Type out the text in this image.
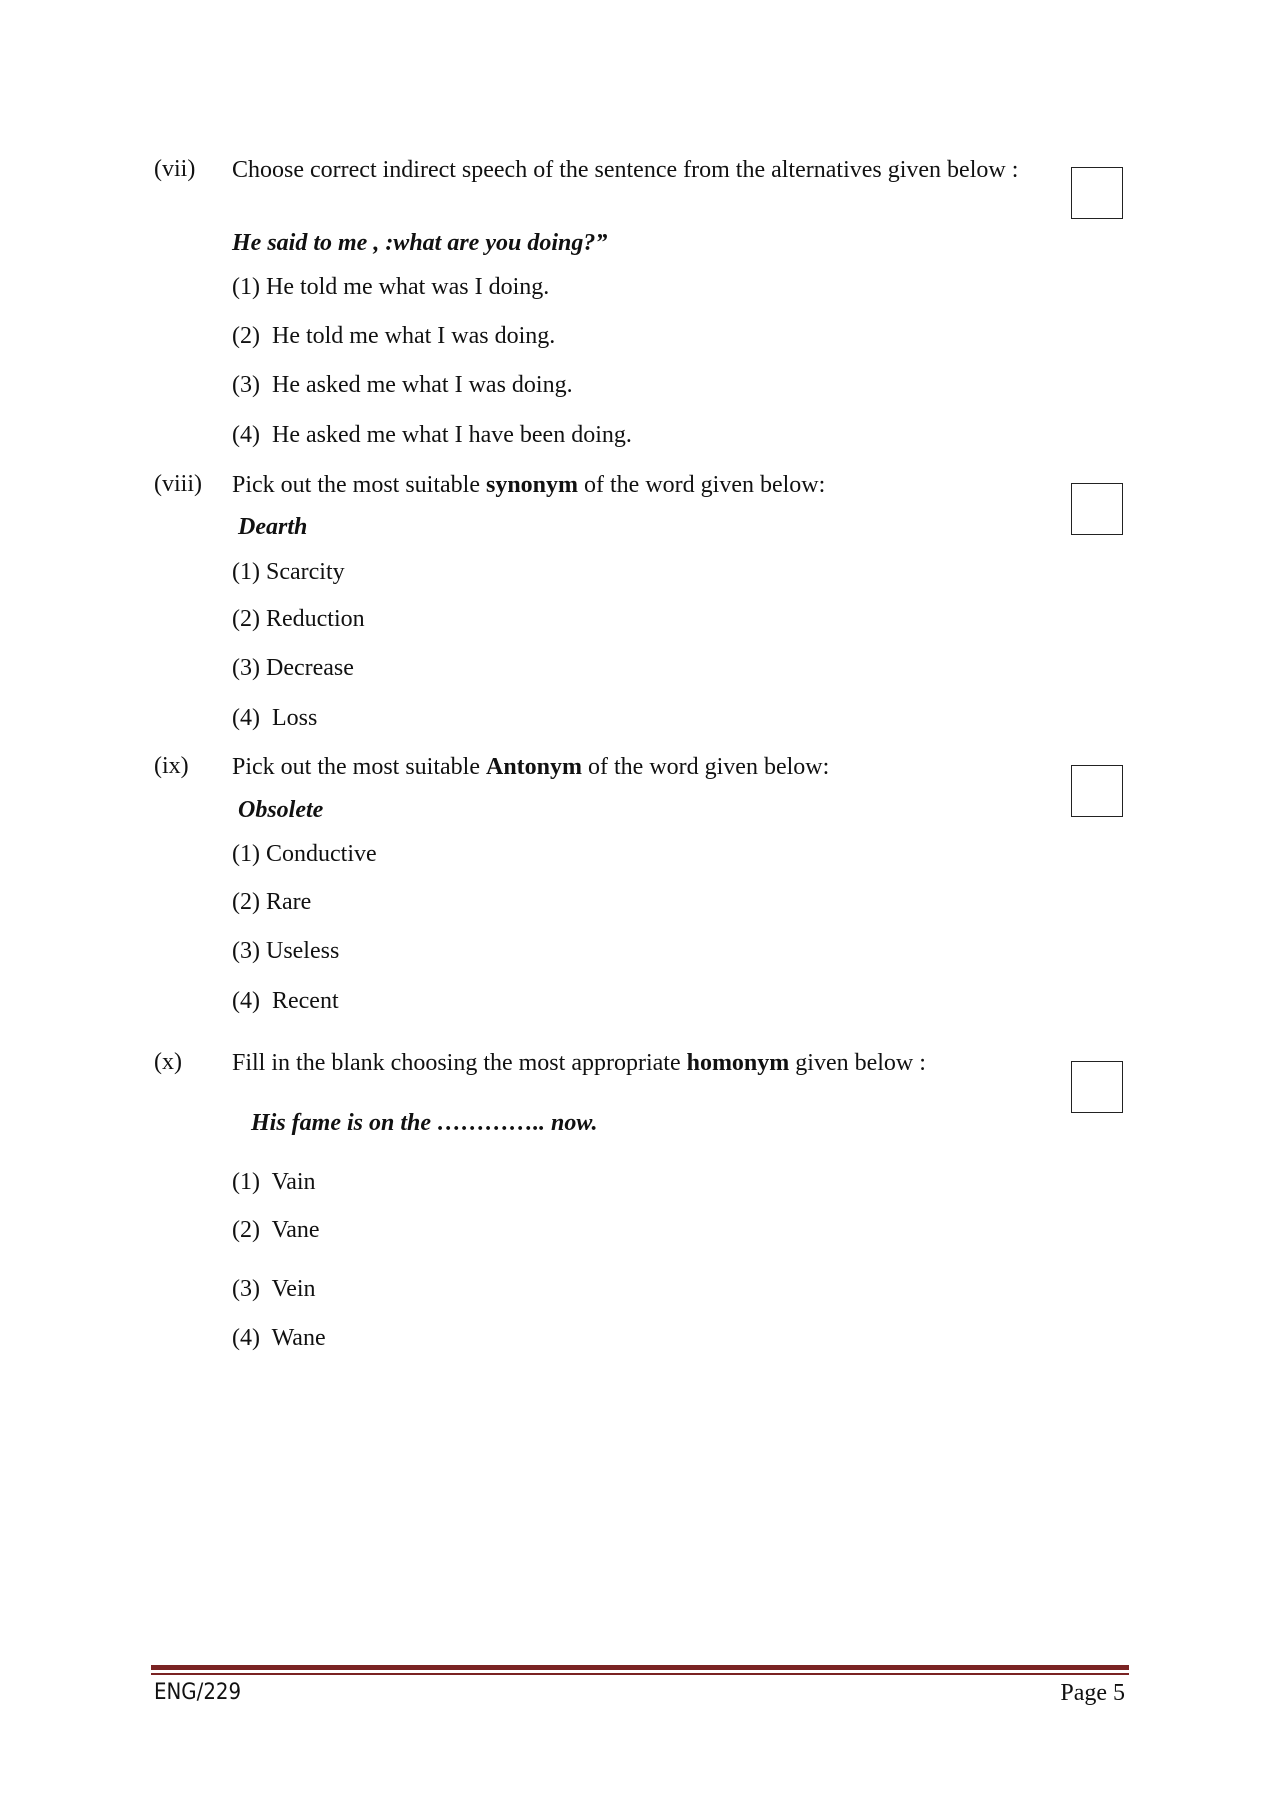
(vii) Choose correct indirect speech of the sentence from the alternatives given below :
He said to me , :what are you doing?”
(1) He told me what was I doing.
(2) He told me what I was doing.
(3) He asked me what I was doing.
(4) He asked me what I have been doing.
(viii) Pick out the most suitable synonym of the word given below:
Dearth
(1) Scarcity
(2) Reduction
(3) Decrease
(4) Loss
(ix) Pick out the most suitable Antonym of the word given below:
Obsolete
(1) Conductive
(2) Rare
(3) Useless
(4) Recent
(x) Fill in the blank choosing the most appropriate homonym given below :
His fame is on the ………….. now.
(1) Vain
(2) Vane
(3) Vein
(4) Wane
ENG/229	Page 5
